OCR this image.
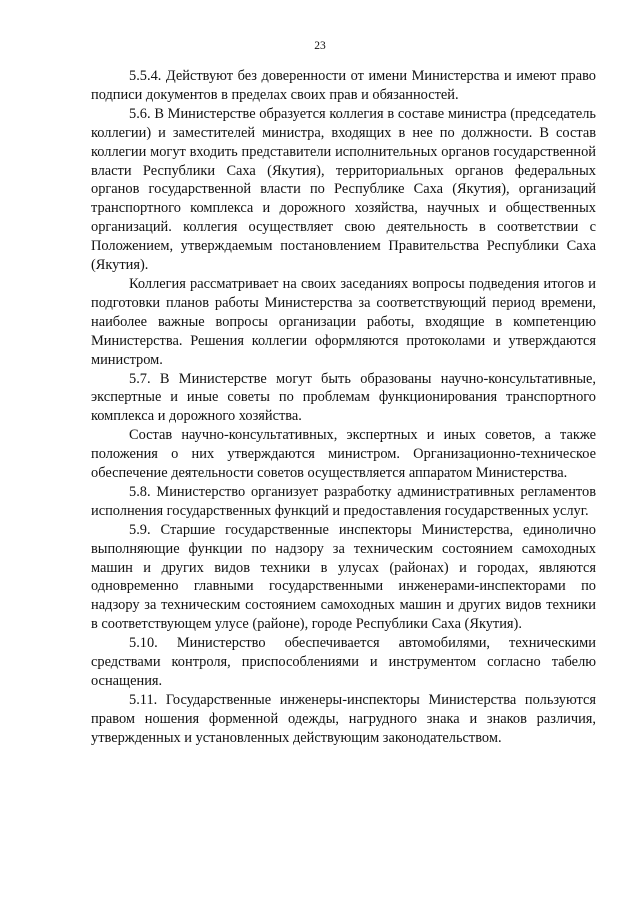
23

5.5.4. Действуют без доверенности от имени Министерства и имеют право подписи документов в пределах своих прав и обязанностей.

5.6. В Министерстве образуется коллегия в составе министра (председатель коллегии) и заместителей министра, входящих в нее по должности. В состав коллегии могут входить представители исполнительных органов государственной власти Республики Саха (Якутия), территориальных органов федеральных органов государственной власти по Республике Саха (Якутия), организаций транспортного комплекса и дорожного хозяйства, научных и общественных организаций. коллегия осуществляет свою деятельность в соответствии с Положением, утверждаемым постановлением Правительства Республики Саха (Якутия).

Коллегия рассматривает на своих заседаниях вопросы подведения итогов и подготовки планов работы Министерства за соответствующий период времени, наиболее важные вопросы организации работы, входящие в компетенцию Министерства. Решения коллегии оформляются протоколами и утверждаются министром.

5.7. В Министерстве могут быть образованы научно-консультативные, экспертные и иные советы по проблемам функционирования транспортного комплекса и дорожного хозяйства.

Состав научно-консультативных, экспертных и иных советов, а также положения о них утверждаются министром. Организационно-техническое обеспечение деятельности советов осуществляется аппаратом Министерства.

5.8. Министерство организует разработку административных регламентов исполнения государственных функций и предоставления государственных услуг.

5.9. Старшие государственные инспекторы Министерства, единолично выполняющие функции по надзору за техническим состоянием самоходных машин и других видов техники в улусах (районах) и городах, являются одновременно главными государственными инженерами-инспекторами по надзору за техническим состоянием самоходных машин и других видов техники в соответствующем улусе (районе), городе Республики Саха (Якутия).

5.10. Министерство обеспечивается автомобилями, техническими средствами контроля, приспособлениями и инструментом согласно табелю оснащения.

5.11. Государственные инженеры-инспекторы Министерства пользуются правом ношения форменной одежды, нагрудного знака и знаков различия, утвержденных и установленных действующим законодательством.
